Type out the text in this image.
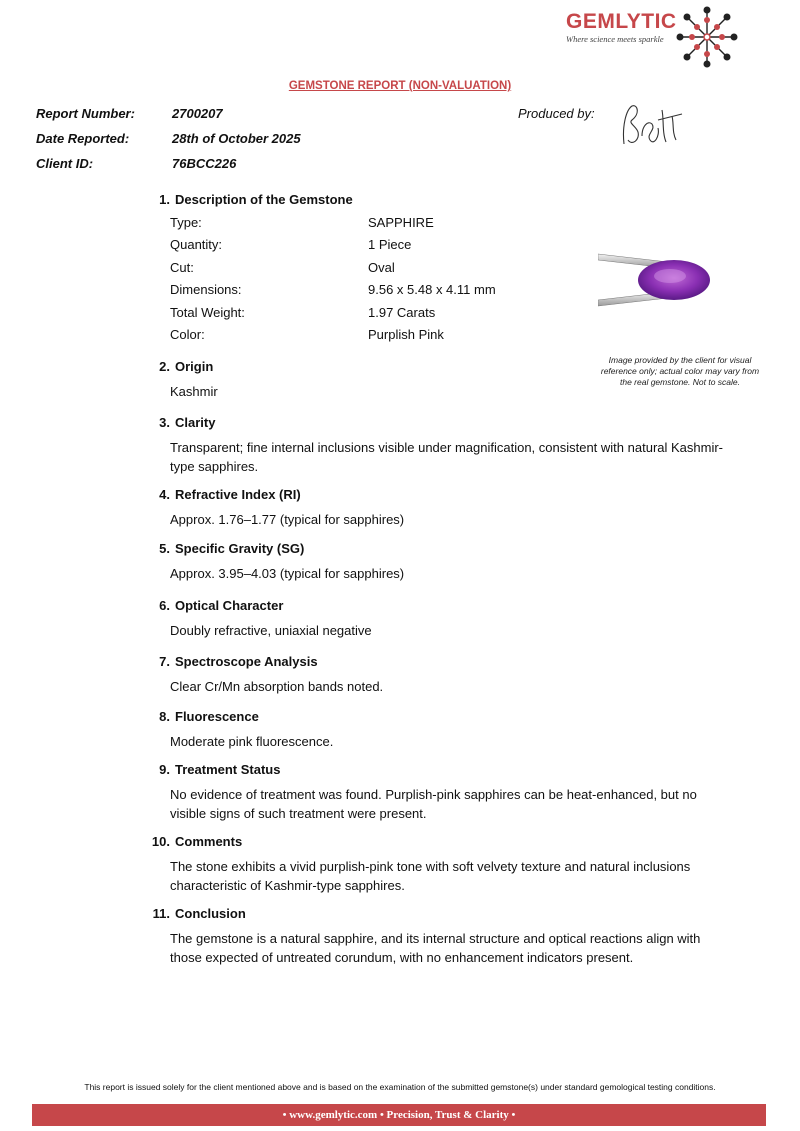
GEMLYTIC
Where science meets sparkle
GEMSTONE REPORT (NON-VALUATION)
Report Number:	2700207
Date Reported:	28th of October 2025
Client ID:	76BCC226
Produced by:
1. Description of the Gemstone
Type:	SAPPHIRE
Quantity:	1 Piece
Cut:	Oval
Dimensions:	9.56 x 5.48 x 4.11 mm
Total Weight:	1.97 Carats
Color:	Purplish Pink
Image provided by the client for visual reference only; actual color may vary from the real gemstone. Not to scale.
2. Origin
Kashmir
3. Clarity
Transparent; fine internal inclusions visible under magnification, consistent with natural Kashmir-type sapphires.
4. Refractive Index (RI)
Approx. 1.76–1.77 (typical for sapphires)
5. Specific Gravity (SG)
Approx. 3.95–4.03 (typical for sapphires)
6. Optical Character
Doubly refractive, uniaxial negative
7. Spectroscope Analysis
Clear Cr/Mn absorption bands noted.
8. Fluorescence
Moderate pink fluorescence.
9. Treatment Status
No evidence of treatment was found. Purplish-pink sapphires can be heat-enhanced, but no visible signs of such treatment were present.
10. Comments
The stone exhibits a vivid purplish-pink tone with soft velvety texture and natural inclusions characteristic of Kashmir-type sapphires.
11. Conclusion
The gemstone is a natural sapphire, and its internal structure and optical reactions align with those expected of untreated corundum, with no enhancement indicators present.
This report is issued solely for the client mentioned above and is based on the examination of the submitted gemstone(s) under standard gemological testing conditions.
• www.gemlytic.com • Precision, Trust & Clarity •
